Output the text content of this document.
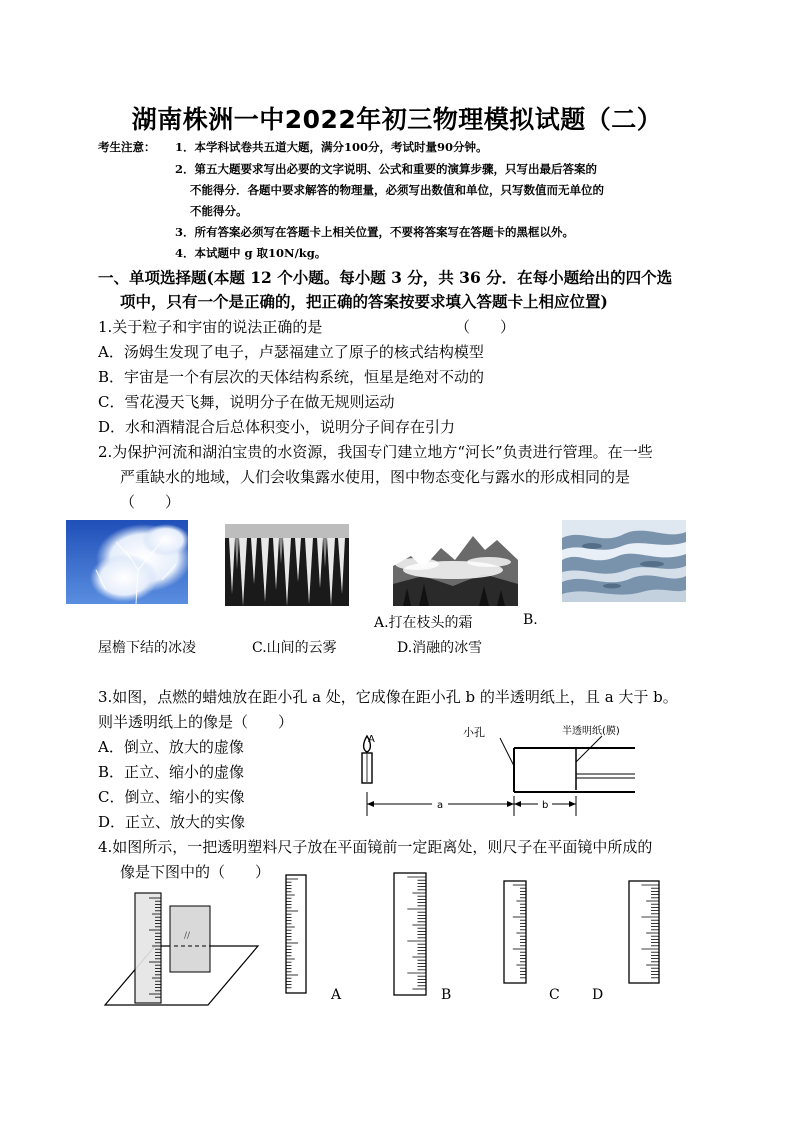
湖南株洲一中2022年初三物理模拟试题（二）
考生注意： 1．本学科试卷共五道大题，满分100分，考试时量90分钟。
2．第五大题要求写出必要的文字说明、公式和重要的演算步骤，只写出最后答案的
不能得分．各题中要求解答的物理量，必须写出数值和单位，只写数值而无单位的
不能得分。
3．所有答案必须写在答题卡上相关位置，不要将答案写在答题卡的黑框以外。
4．本试题中 g 取10N/kg。
一、单项选择题(本题 12 个小题。每小题 3 分，共 36 分．在每小题给出的四个选
项中，只有一个是正确的，把正确的答案按要求填入答题卡上相应位置)
1.关于粒子和宇宙的说法正确的是	（　　）
A．汤姆生发现了电子，卢瑟福建立了原子的核式结构模型
B．宇宙是一个有层次的天体结构系统，恒星是绝对不动的
C．雪花漫天飞舞，说明分子在做无规则运动
D．水和酒精混合后总体积变小，说明分子间存在引力
2.为保护河流和湖泊宝贵的水资源，我国专门建立地方“河长”负责进行管理。在一些
严重缺水的地域，人们会收集露水使用，图中物态变化与露水的形成相同的是
（　　）
A.打在枝头的霜	B.
屋檐下结的冰凌	C.山间的云雾	D.消融的冰雪
3.如图，点燃的蜡烛放在距小孔 a 处，它成像在距小孔 b 的半透明纸上，且 a 大于 b。
则半透明纸上的像是（　　）
A．倒立、放大的虚像
B．正立、缩小的虚像
C．倒立、缩小的实像
D．正立、放大的实像
A
小孔	半透明纸(膜)
a	b
4.如图所示，一把透明塑料尺子放在平面镜前一定距离处，则尺子在平面镜中所成的
像是下图中的（　　）
//
A	B	C D
